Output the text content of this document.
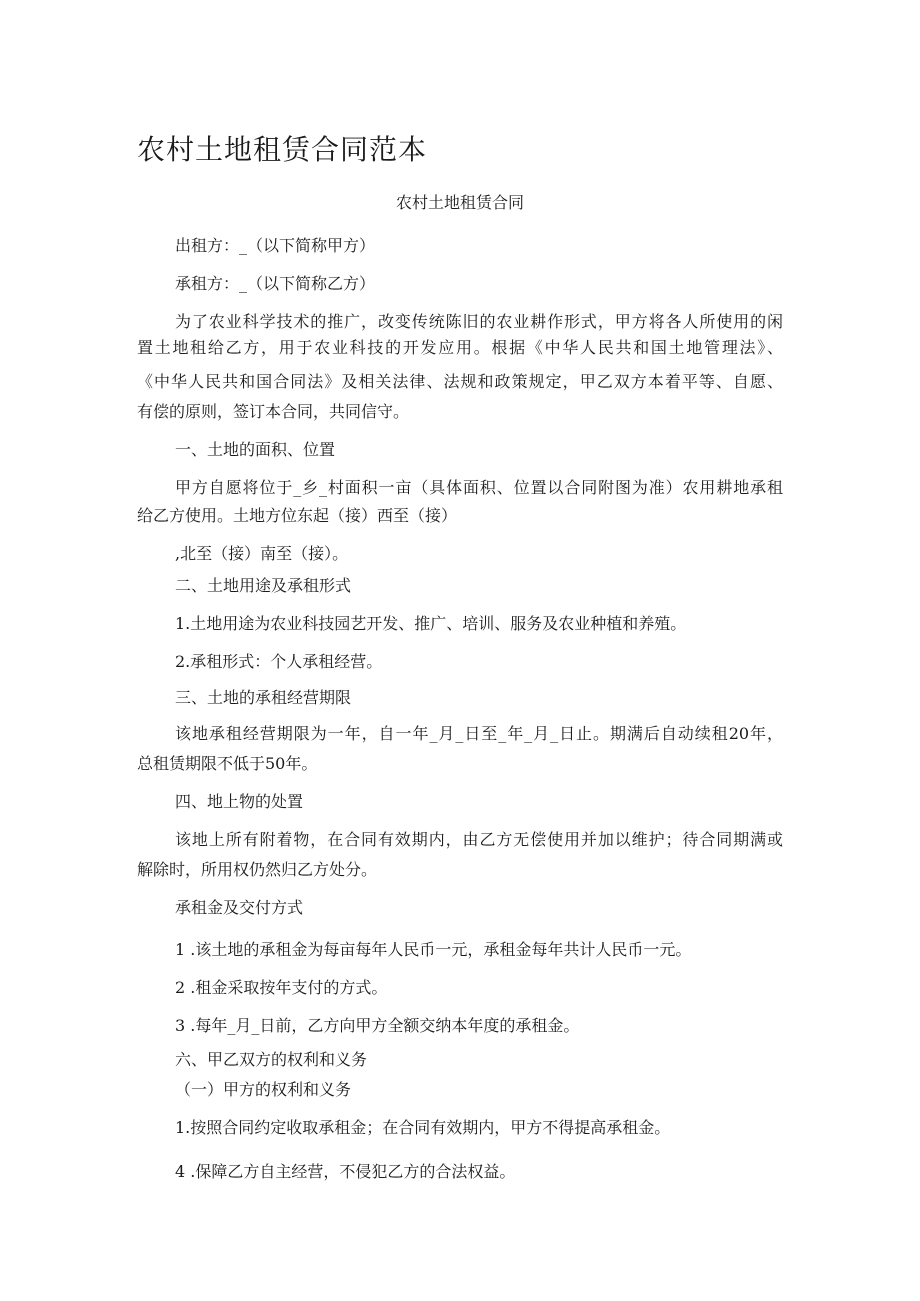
农村土地租赁合同范本

农村土地租赁合同

出租方：_（以下简称甲方）

承租方：_（以下简称乙方）

为了农业科学技术的推广，改变传统陈旧的农业耕作形式，甲方将各人所使用的闲

置土地租给乙方，用于农业科技的开发应用。根据《中华人民共和国土地管理法》、

《中华人民共和国合同法》及相关法律、法规和政策规定，甲乙双方本着平等、自愿、

有偿的原则，签订本合同，共同信守。

一、土地的面积、位置

甲方自愿将位于_乡_村面积一亩（具体面积、位置以合同附图为准）农用耕地承租

给乙方使用。土地方位东起（接）西至（接）

,北至（接）南至（接）。

二、土地用途及承租形式

1.土地用途为农业科技园艺开发、推广、培训、服务及农业种植和养殖。

2.承租形式：个人承租经营。

三、土地的承租经营期限

该地承租经营期限为一年，自一年_月_日至_年_月_日止。期满后自动续租20年，

总租赁期限不低于50年。

四、地上物的处置

该地上所有附着物，在合同有效期内，由乙方无偿使用并加以维护；待合同期满或

解除时，所用权仍然归乙方处分。

承租金及交付方式

1 .该土地的承租金为每亩每年人民币一元，承租金每年共计人民币一元。

2 .租金采取按年支付的方式。

3 .每年_月_日前，乙方向甲方全额交纳本年度的承租金。

六、甲乙双方的权利和义务

（一）甲方的权利和义务

1.按照合同约定收取承租金；在合同有效期内，甲方不得提高承租金。

4 .保障乙方自主经营，不侵犯乙方的合法权益。
